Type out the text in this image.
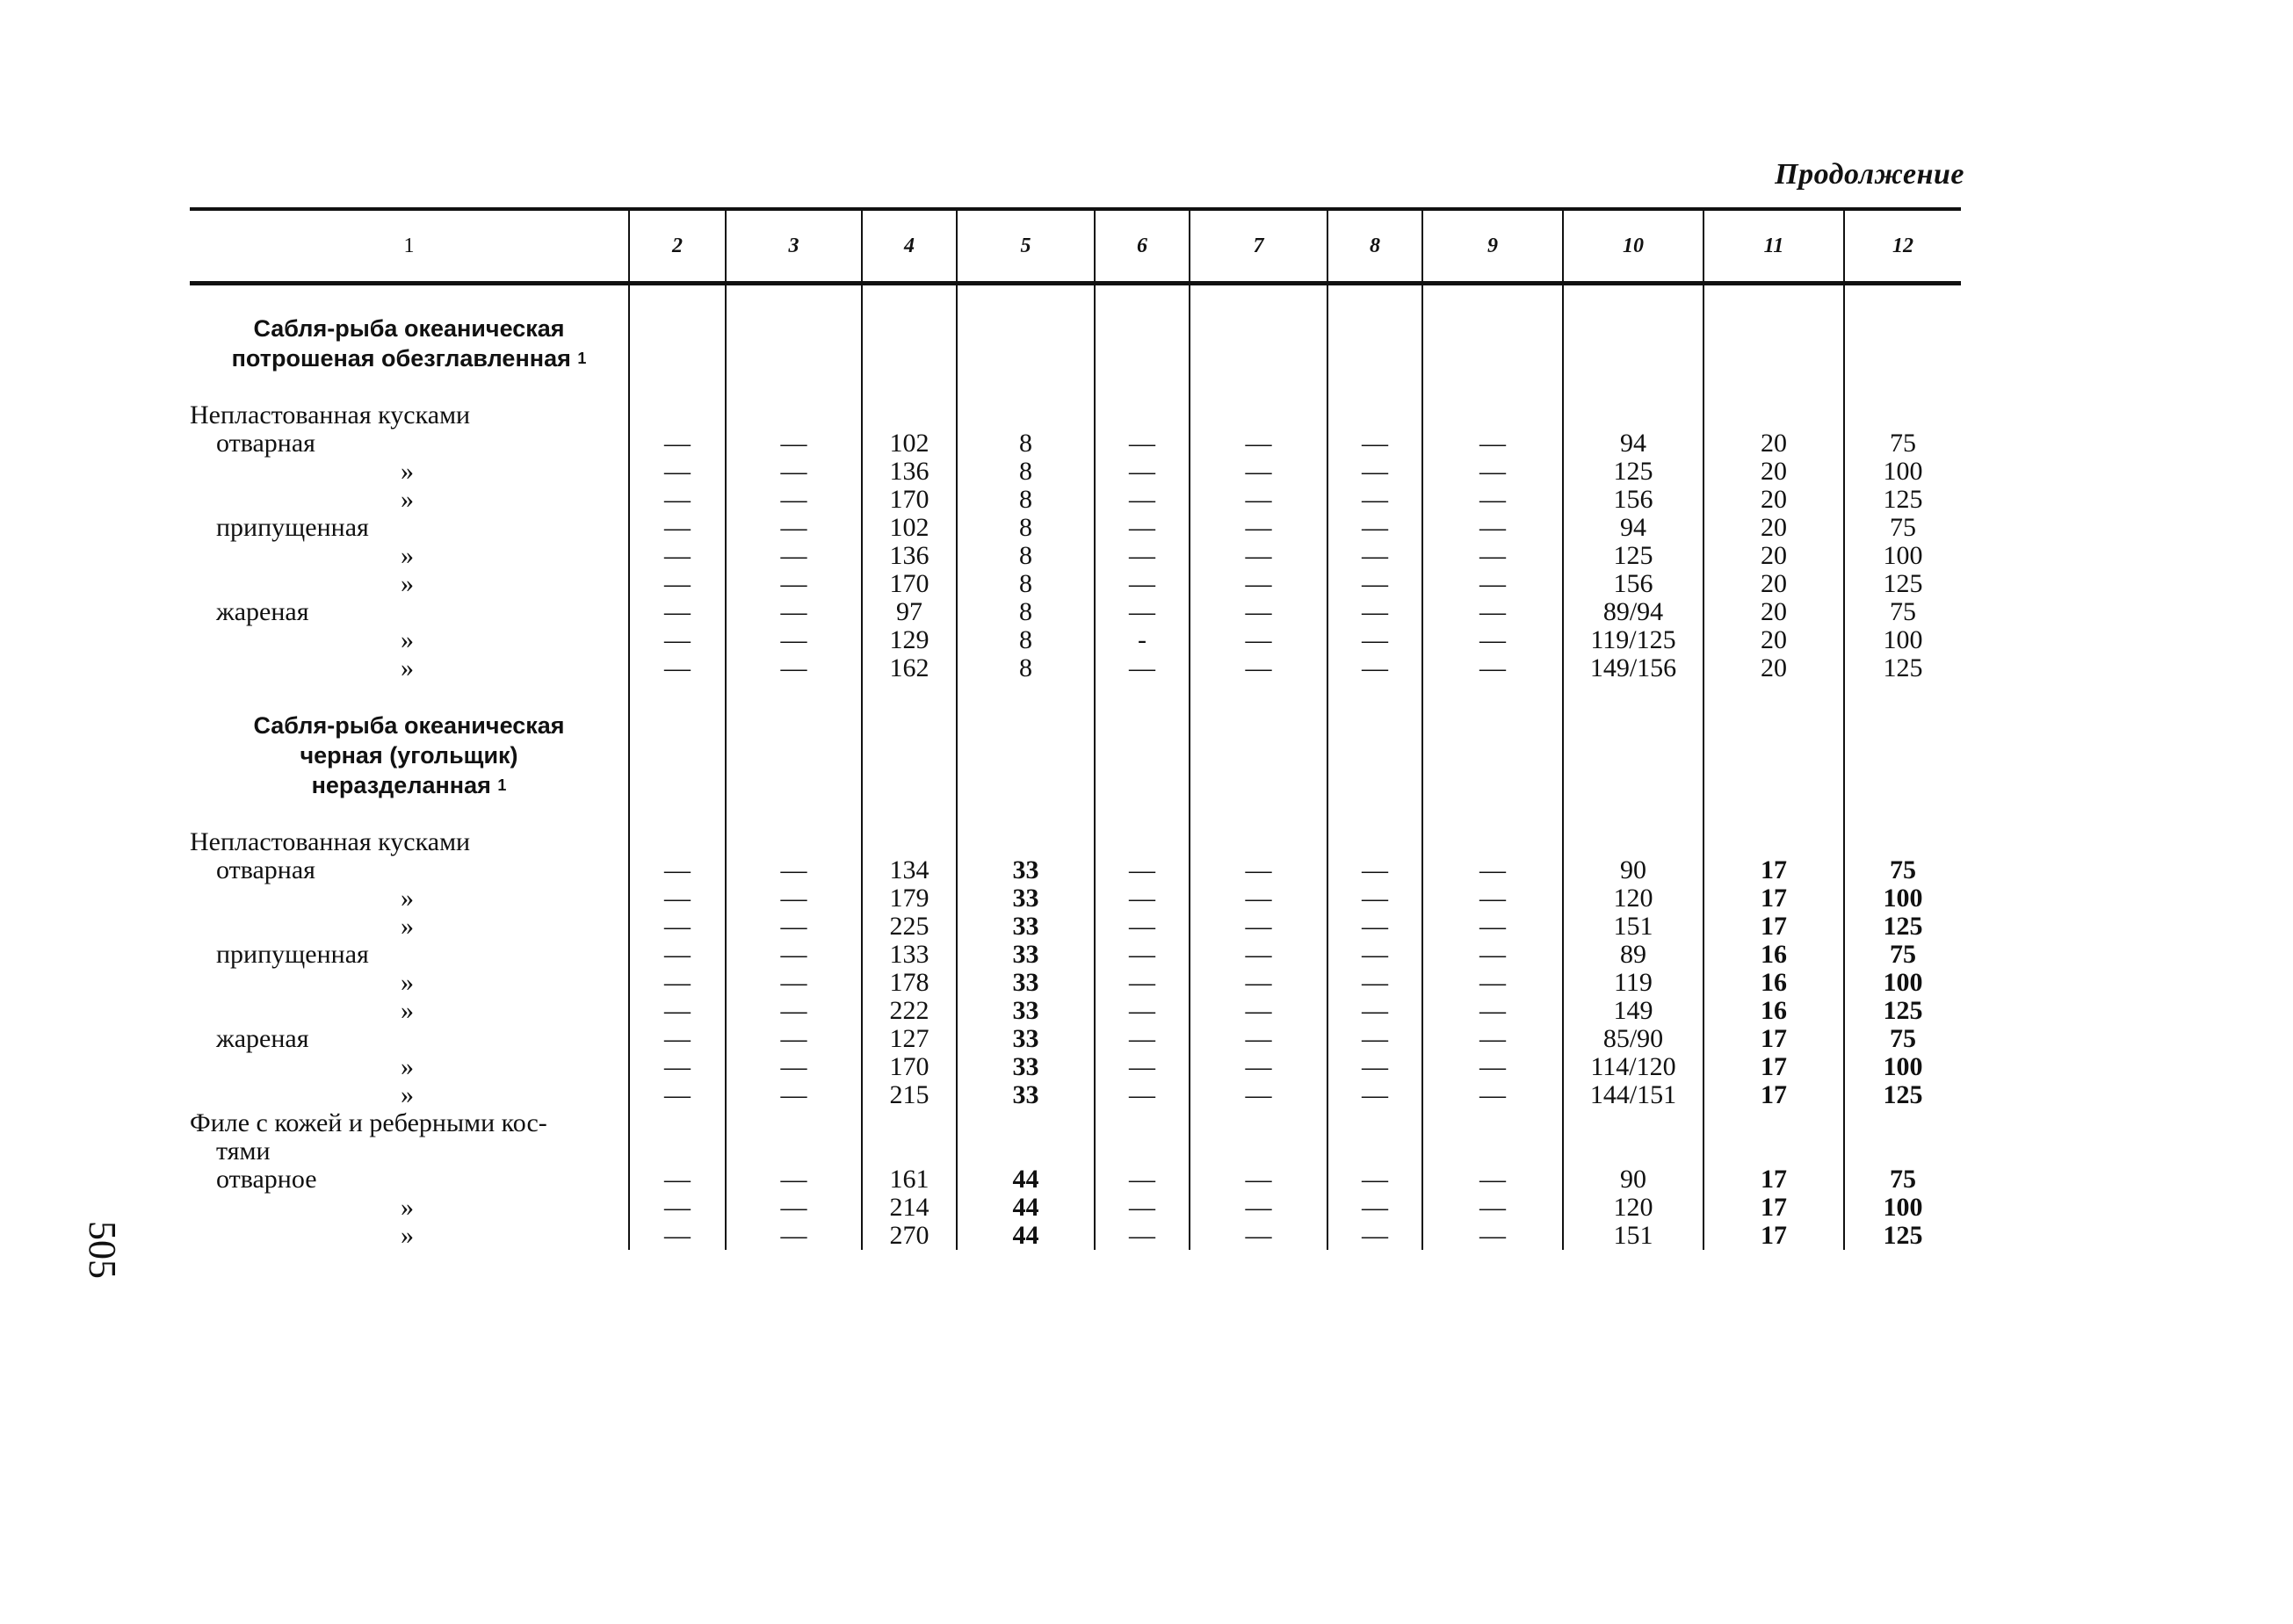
Продолжение
505
1	2	3	4	5	6	7	8	9	10	11	12

Сабля-рыба океаническая
потрошеная обезглавленная $^1$											

Непластованная кусками											
отварная	—	—	102	8	—	—	—	—	94	20	75
»	—	—	136	8	—	—	—	—	125	20	100
»	—	—	170	8	—	—	—	—	156	20	125
припущенная	—	—	102	8	—	—	—	—	94	20	75
»	—	—	136	8	—	—	—	—	125	20	100
»	—	—	170	8	—	—	—	—	156	20	125
жареная	—	—	97	8	—	—	—	—	89/94	20	75
»	—	—	129	8	-	—	—	—	119/125	20	100
»	—	—	162	8	—	—	—	—	149/156	20	125

Сабля-рыба океаническая
черная (угольщик)
неразделанная $^1$											

Непластованная кусками											
отварная	—	—	134	33	—	—	—	—	90	17	75
»	—	—	179	33	—	—	—	—	120	17	100
»	—	—	225	33	—	—	—	—	151	17	125
припущенная	—	—	133	33	—	—	—	—	89	16	75
»	—	—	178	33	—	—	—	—	119	16	100
»	—	—	222	33	—	—	—	—	149	16	125
жареная	—	—	127	33	—	—	—	—	85/90	17	75
»	—	—	170	33	—	—	—	—	114/120	17	100
»	—	—	215	33	—	—	—	—	144/151	17	125
Филе с кожей и реберными кос-											
тями											
отварное	—	—	161	44	—	—	—	—	90	17	75
»	—	—	214	44	—	—	—	—	120	17	100
»	—	—	270	44	—	—	—	—	151	17	125
